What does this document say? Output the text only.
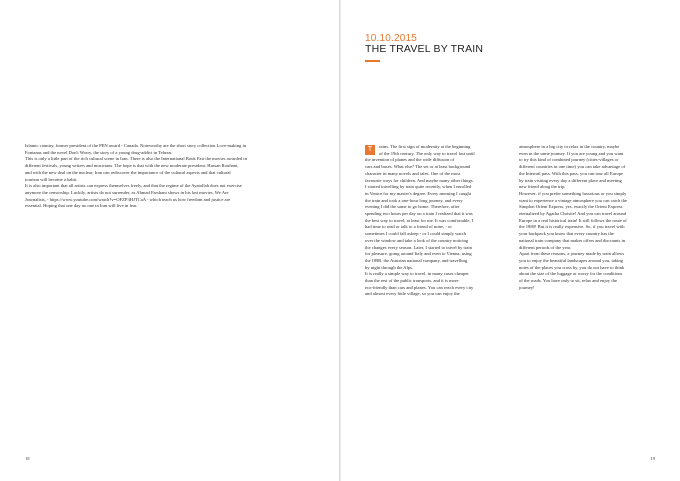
Islamic country, former president of the PEN award - Canada. Noteworthy are the short story collection Love-making in

Fontanas and the novel Don't Worry, the story of a young drug-addict in Tehran.

This is only a little part of the rich cultural scene in Iran. There is also the International Book Fair the movies awarded in

different festivals, young writers and musicians. The hope is that with the new moderate president, Hassan Rouhani,

and with the new deal on the nuclear, Iran can rediscover the importance of the cultural aspects and that cultural

tourism will become a habit.

It is also important that all artists can express themselves freely, and that the regime of the Ayatollah does not exercise

anymore the censorship. Luckily, artists do not surrender, as Ahmad Farshani shows in his last movies, We Are

Journalists, - https://www.youtube.com/watch?v=OFZP3HJTCaA - which teach us how freedom and justice are

essential. Hoping that one day no one in Iran will live in fear.

18
10.10.2015
THE TRAVEL BY TRAIN

T	rains. The first sign of modernity at the beginning

of the 19th century. The only way to travel fast until

the invention of planes and the wide diffusion of

cars and buses. What else? The set or at least background

character in many novels and tales. One of the most

favourite ways for children. And maybe many other things.

I started travelling by train quite recently, when I enrolled

in Venice for my master's degree. Every morning I caught

the train and took a one-hour long journey, and every

evening I did the same to go home. Therefore, after

spending two hours per day on a train I realized that it was

the best way to travel, at least for me. It was comfortable, I

had time to read or talk to a friend of mine, - or

sometimes I could fall asleep - or I could simply watch

over the window and take a look of the country noticing

the changes every season. Later, I started to travel by train

for pleasure, going around Italy and even to Vienna, using

the OBB, the Austrian national company, and travelling

by night through the Alps.

It is really a simple way to travel, in many cases cheaper

than the rest of the public transports, and it is more

eco-friendly than cars and planes. You can reach every city

and almost every little village, so you can enjoy the

atmosphere in a big city or relax in the country, maybe

even in the same journey. If you are young and you want

to try this kind of combined journey (cities-villages or

different countries in one time) you can take advantage of

the Interrail pass. With this pass, you can tour all Europe

by train visiting every day a different place and meeting

new friend along the trip.

However, if you prefer something luxurious or you simply

want to experience a vintage atmosphere you can catch the

Simplon Orient Express, yes, exactly the Orient Express

eternalized by Agatha Christie! And you can travel around

Europe in a real historical train! It still follows the route of

the 1880! But it is really expensive. So, if you travel with

your backpack you know that every country has the

national train company that makes offers and discounts in

different periods of the year.

Apart from these reasons, a journey made by train allows

you to enjoy the beautiful landscapes around you, taking

notes of the places you cross by, you do not have to think

about the size of the luggage or worry for the conditions

of the roads. You have only to sit, relax and enjoy the

journey!

19
